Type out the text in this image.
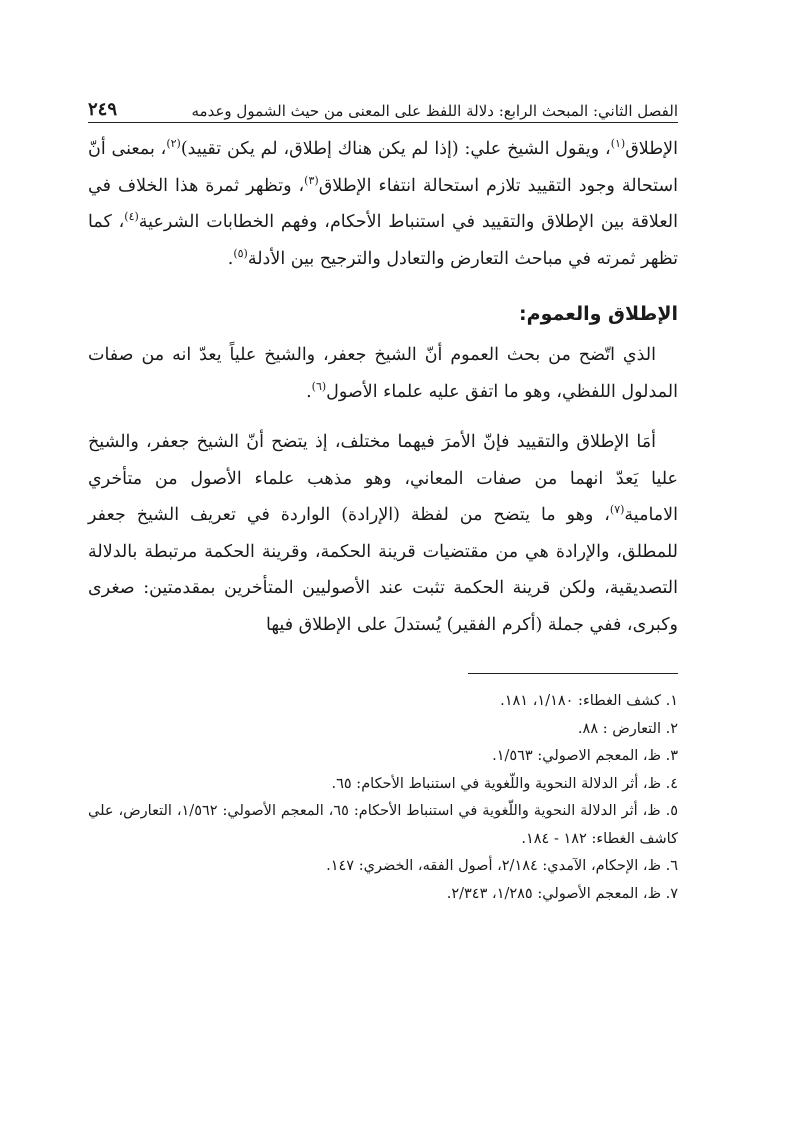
الفصل الثاني: المبحث الرابع: دلالة اللفظ على المعنى من حيث الشمول وعدمه
٢٤٩

الإطلاق$^{(١)}$، ويقول الشيخ علي: (إذا لم يكن هناك إطلاق، لم يكن تقييد)$^{(٢)}$، بمعنى أنّ استحالة وجود التقييد تلازم استحالة انتفاء الإطلاق$^{(٣)}$، وتظهر ثمرة هذا الخلاف في العلاقة بين الإطلاق والتقييد في استنباط الأحكام، وفهم الخطابات الشرعية$^{(٤)}$، كما تظهر ثمرته في مباحث التعارض والتعادل والترجيح بين الأدلة$^{(٥)}$.

الإطلاق والعموم:

الذي اتّضح من بحث العموم أنّ الشيخ جعفر، والشيخ علياً يعدّ انه من صفات المدلول اللفظي، وهو ما اتفق عليه علماء الأصول$^{(٦)}$.

أمَا الإطلاق والتقييد فإنّ الأمرَ فيهما مختلف، إذ يتضح أنّ الشيخ جعفر، والشيخ عليا يَعدّ انهما من صفات المعاني، وهو مذهب علماء الأصول من متأخري الامامية$^{(٧)}$، وهو ما يتضح من لفظة (الإرادة) الواردة في تعريف الشيخ جعفر للمطلق، والإرادة هي من مقتضيات قرينة الحكمة، وقرينة الحكمة مرتبطة بالدلالة التصديقية، ولكن قرينة الحكمة تثبت عند الأصوليين المتأخرين بمقدمتين: صغرى وكبرى، ففي جملة (أكرم الفقير) يُستدلَ على الإطلاق فيها

١. كشف الغطاء: ١/١٨٠، ١٨١.
٢. التعارض : ٨٨.
٣. ظ، المعجم الاصولي: ١/٥٦٣.
٤. ظ، أثر الدلالة النحوية واللّغوية في استنباط الأحكام: ٦٥.
٥. ظ، أثر الدلالة النحوية واللّغوية في استنباط الأحكام: ٦٥، المعجم الأصولي: ١/٥٦٢، التعارض، علي كاشف الغطاء: ١٨٢ - ١٨٤.
٦. ظ، الإحكام، الآمدي: ٢/١٨٤، أصول الفقه، الخضري: ١٤٧.
٧. ظ، المعجم الأصولي: ١/٢٨٥، ٢/٣٤٣.
